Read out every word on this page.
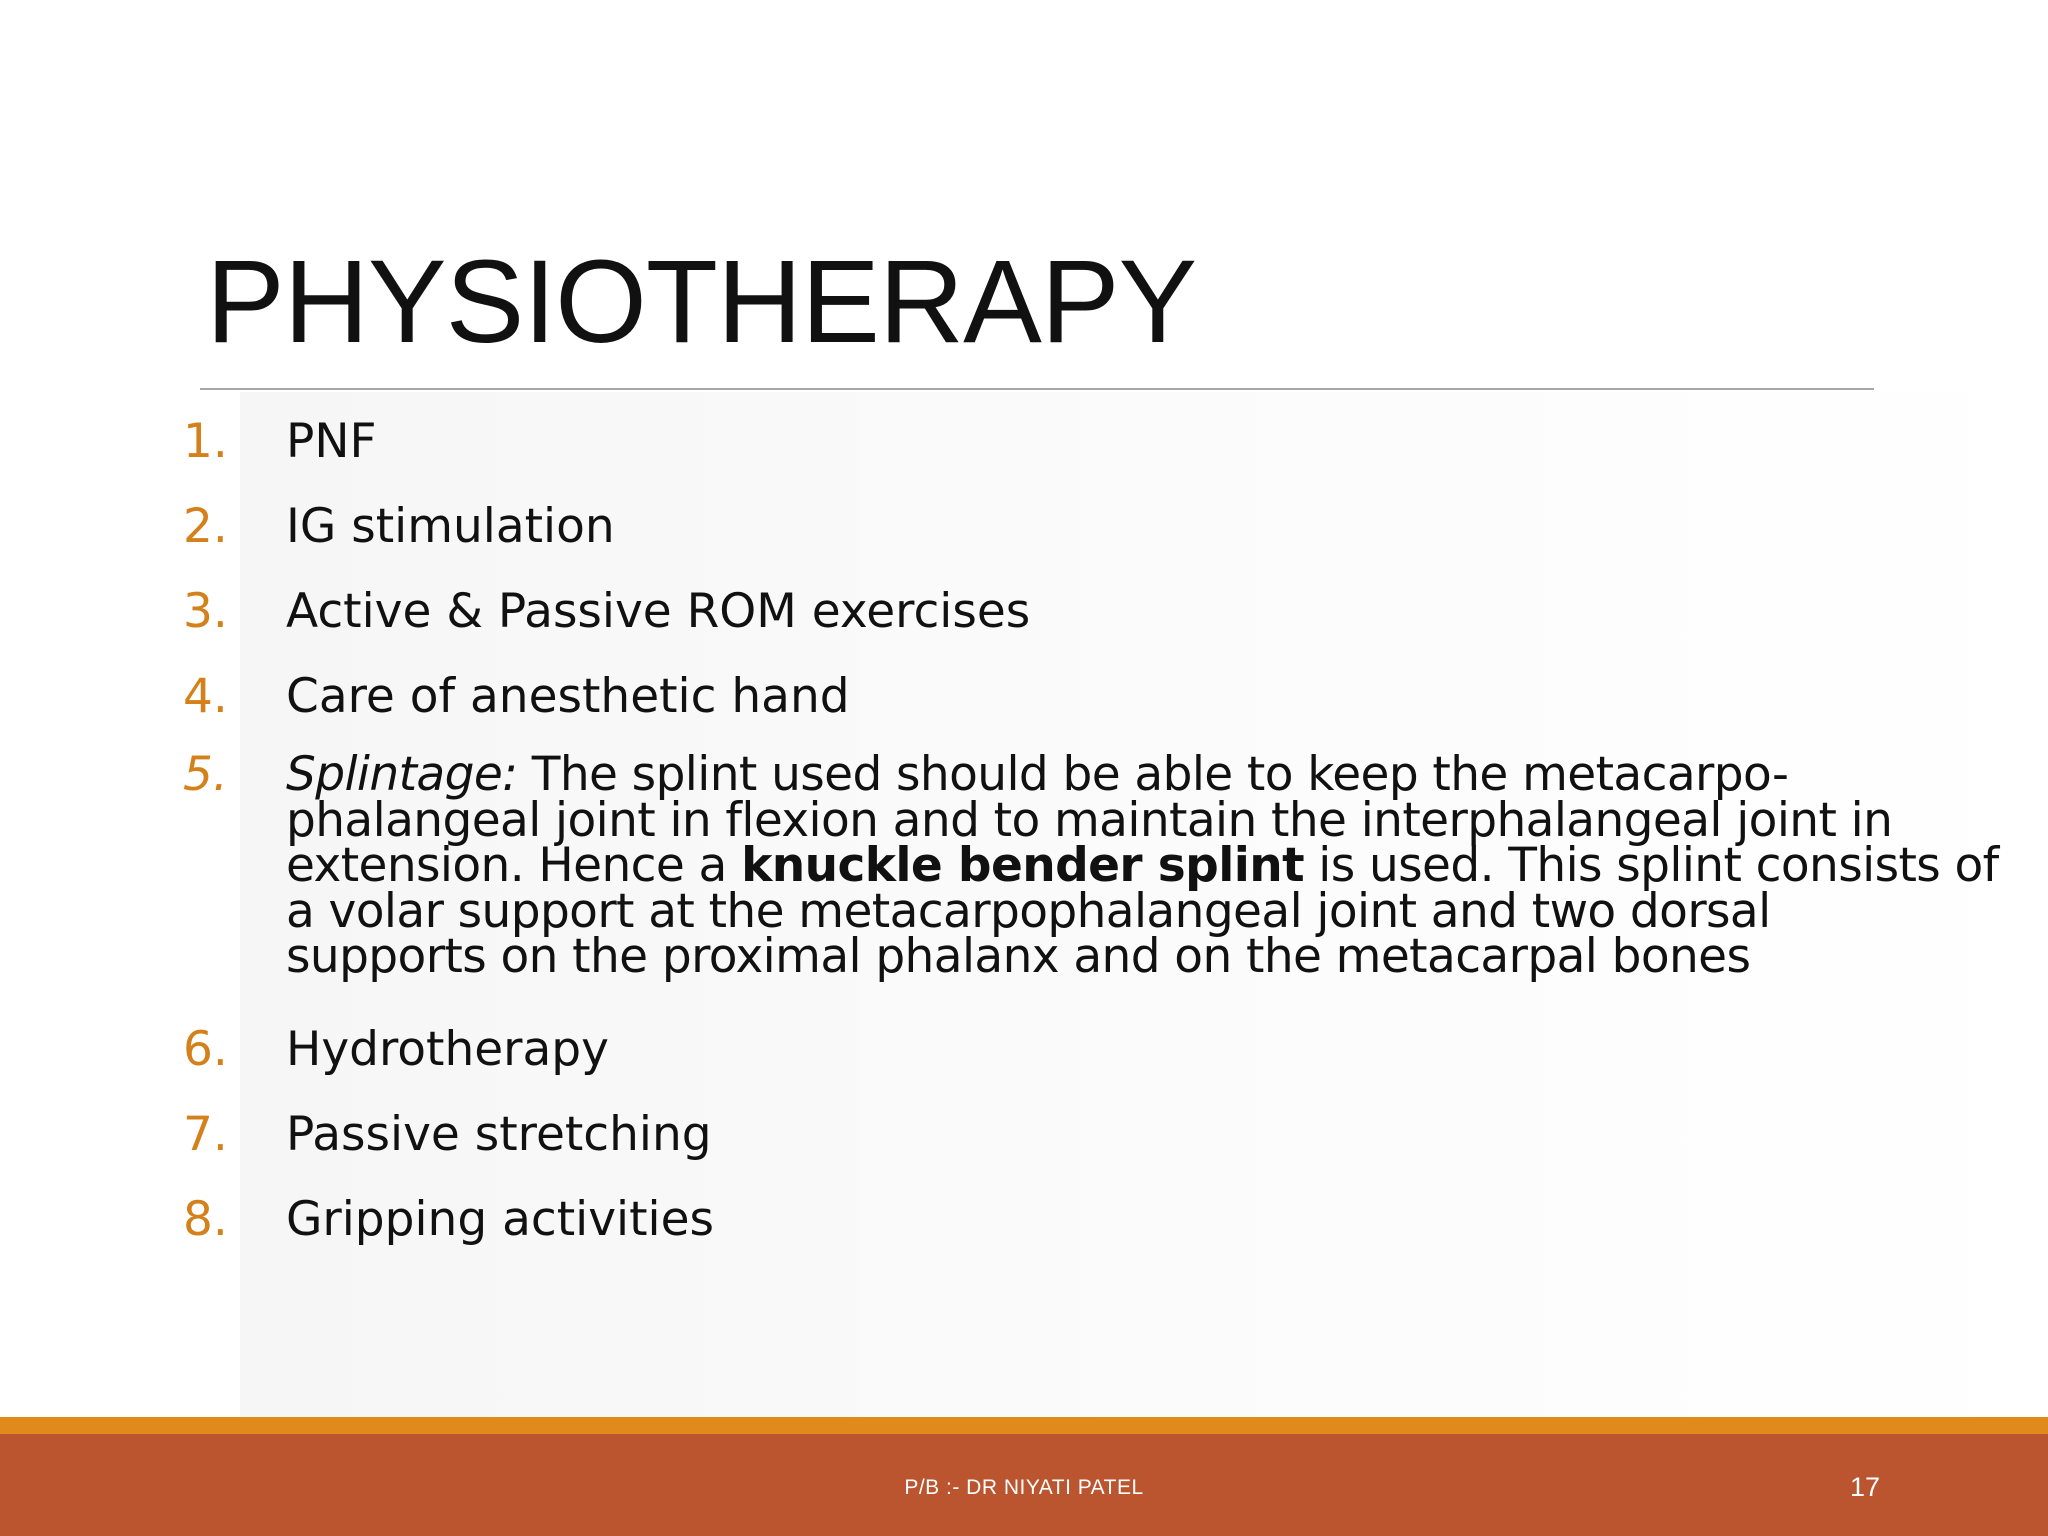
PHYSIOTHERAPY
1. PNF
2. IG stimulation
3. Active & Passive ROM exercises
4. Care of anesthetic hand
5. Splintage: The splint used should be able to keep the metacarpo-
phalangeal joint in flexion and to maintain the interphalangeal joint in
extension. Hence a knuckle bender splint is used. This splint consists of
a volar support at the metacarpophalangeal joint and two dorsal
supports on the proximal phalanx and on the metacarpal bones
6. Hydrotherapy
7. Passive stretching
8. Gripping activities
P/B :- DR NIYATI PATEL	17
